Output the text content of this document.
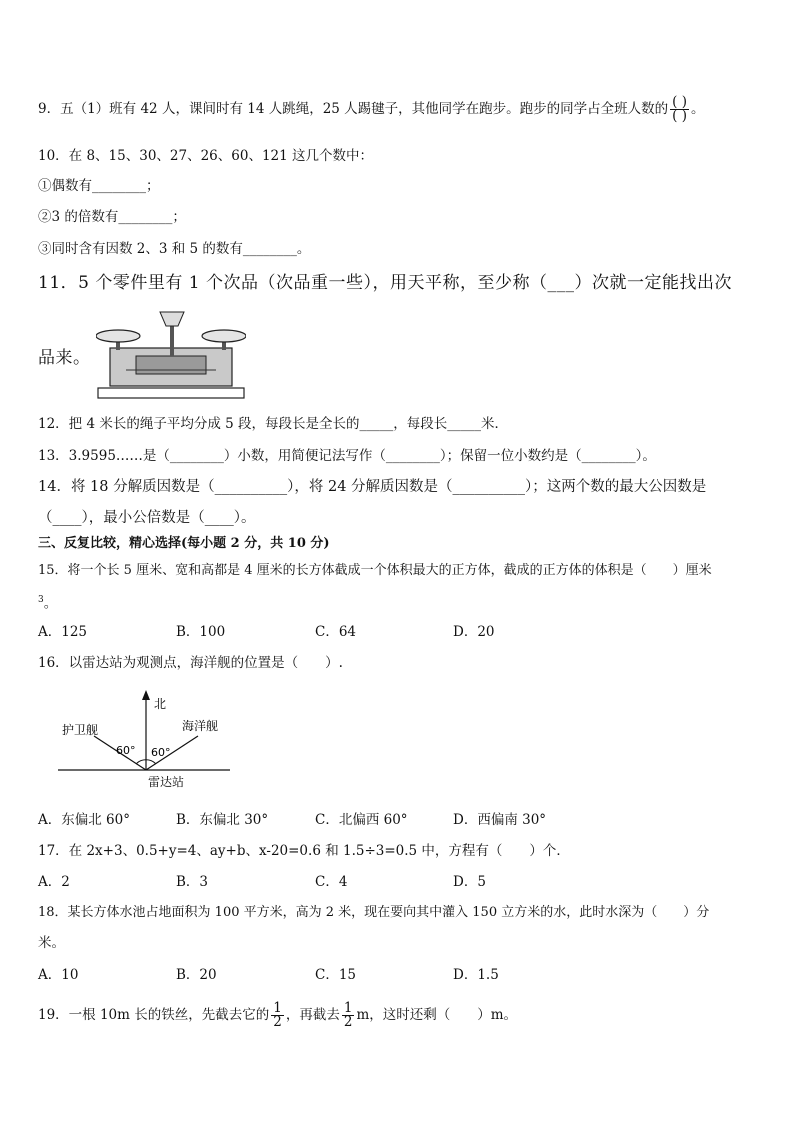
9．五（1）班有 42 人，课间时有 14 人跳绳，25 人踢毽子，其他同学在跑步。跑步的同学占全班人数的 $\frac{( )}{( )}$ 。
10．在 8、15、30、27、26、60、121 这几个数中：
①偶数有________；
②3 的倍数有________；
③同时含有因数 2、3 和 5 的数有________。
11．5 个零件里有 1 个次品（次品重一些），用天平称，至少称（___）次就一定能找出次
品来。
12．把 4 米长的绳子平均分成 5 段，每段长是全长的_____，每段长_____米．
13．3.9595……是（________）小数，用简便记法写作（________）；保留一位小数约是（________）。
14．将 18 分解质因数是（__________），将 24 分解质因数是（__________）；这两个数的最大公因数是
（____），最小公倍数是（____）。
三、反复比较，精心选择(每小题 2 分，共 10 分)
15．将一个长 5 厘米、宽和高都是 4 厘米的长方体截成一个体积最大的正方体，截成的正方体的体积是（　　）厘米
$^3$。
A．125	B．100	C．64	D．20
16．以雷达站为观测点，海洋舰的位置是（　　）.
北
护卫舰	海洋舰
60° 60°
雷达站
A．东偏北 60°	B．东偏北 30°	C．北偏西 60°	D．西偏南 30°
17．在 2x+3、0.5+y=4、ay+b、x-20=0.6 和 1.5÷3=0.5 中，方程有（　　）个．
A．2	B．3	C．4	D．5
18．某长方体水池占地面积为 100 平方米，高为 2 米，现在要向其中灌入 150 立方米的水，此时水深为（　　）分
米。
A．10	B．20	C．15	D．1.5
19．一根 10m 长的铁丝，先截去它的 $\frac{1}{2}$ ，再截去 $\frac{1}{2}$ m，这时还剩（　　）m。
